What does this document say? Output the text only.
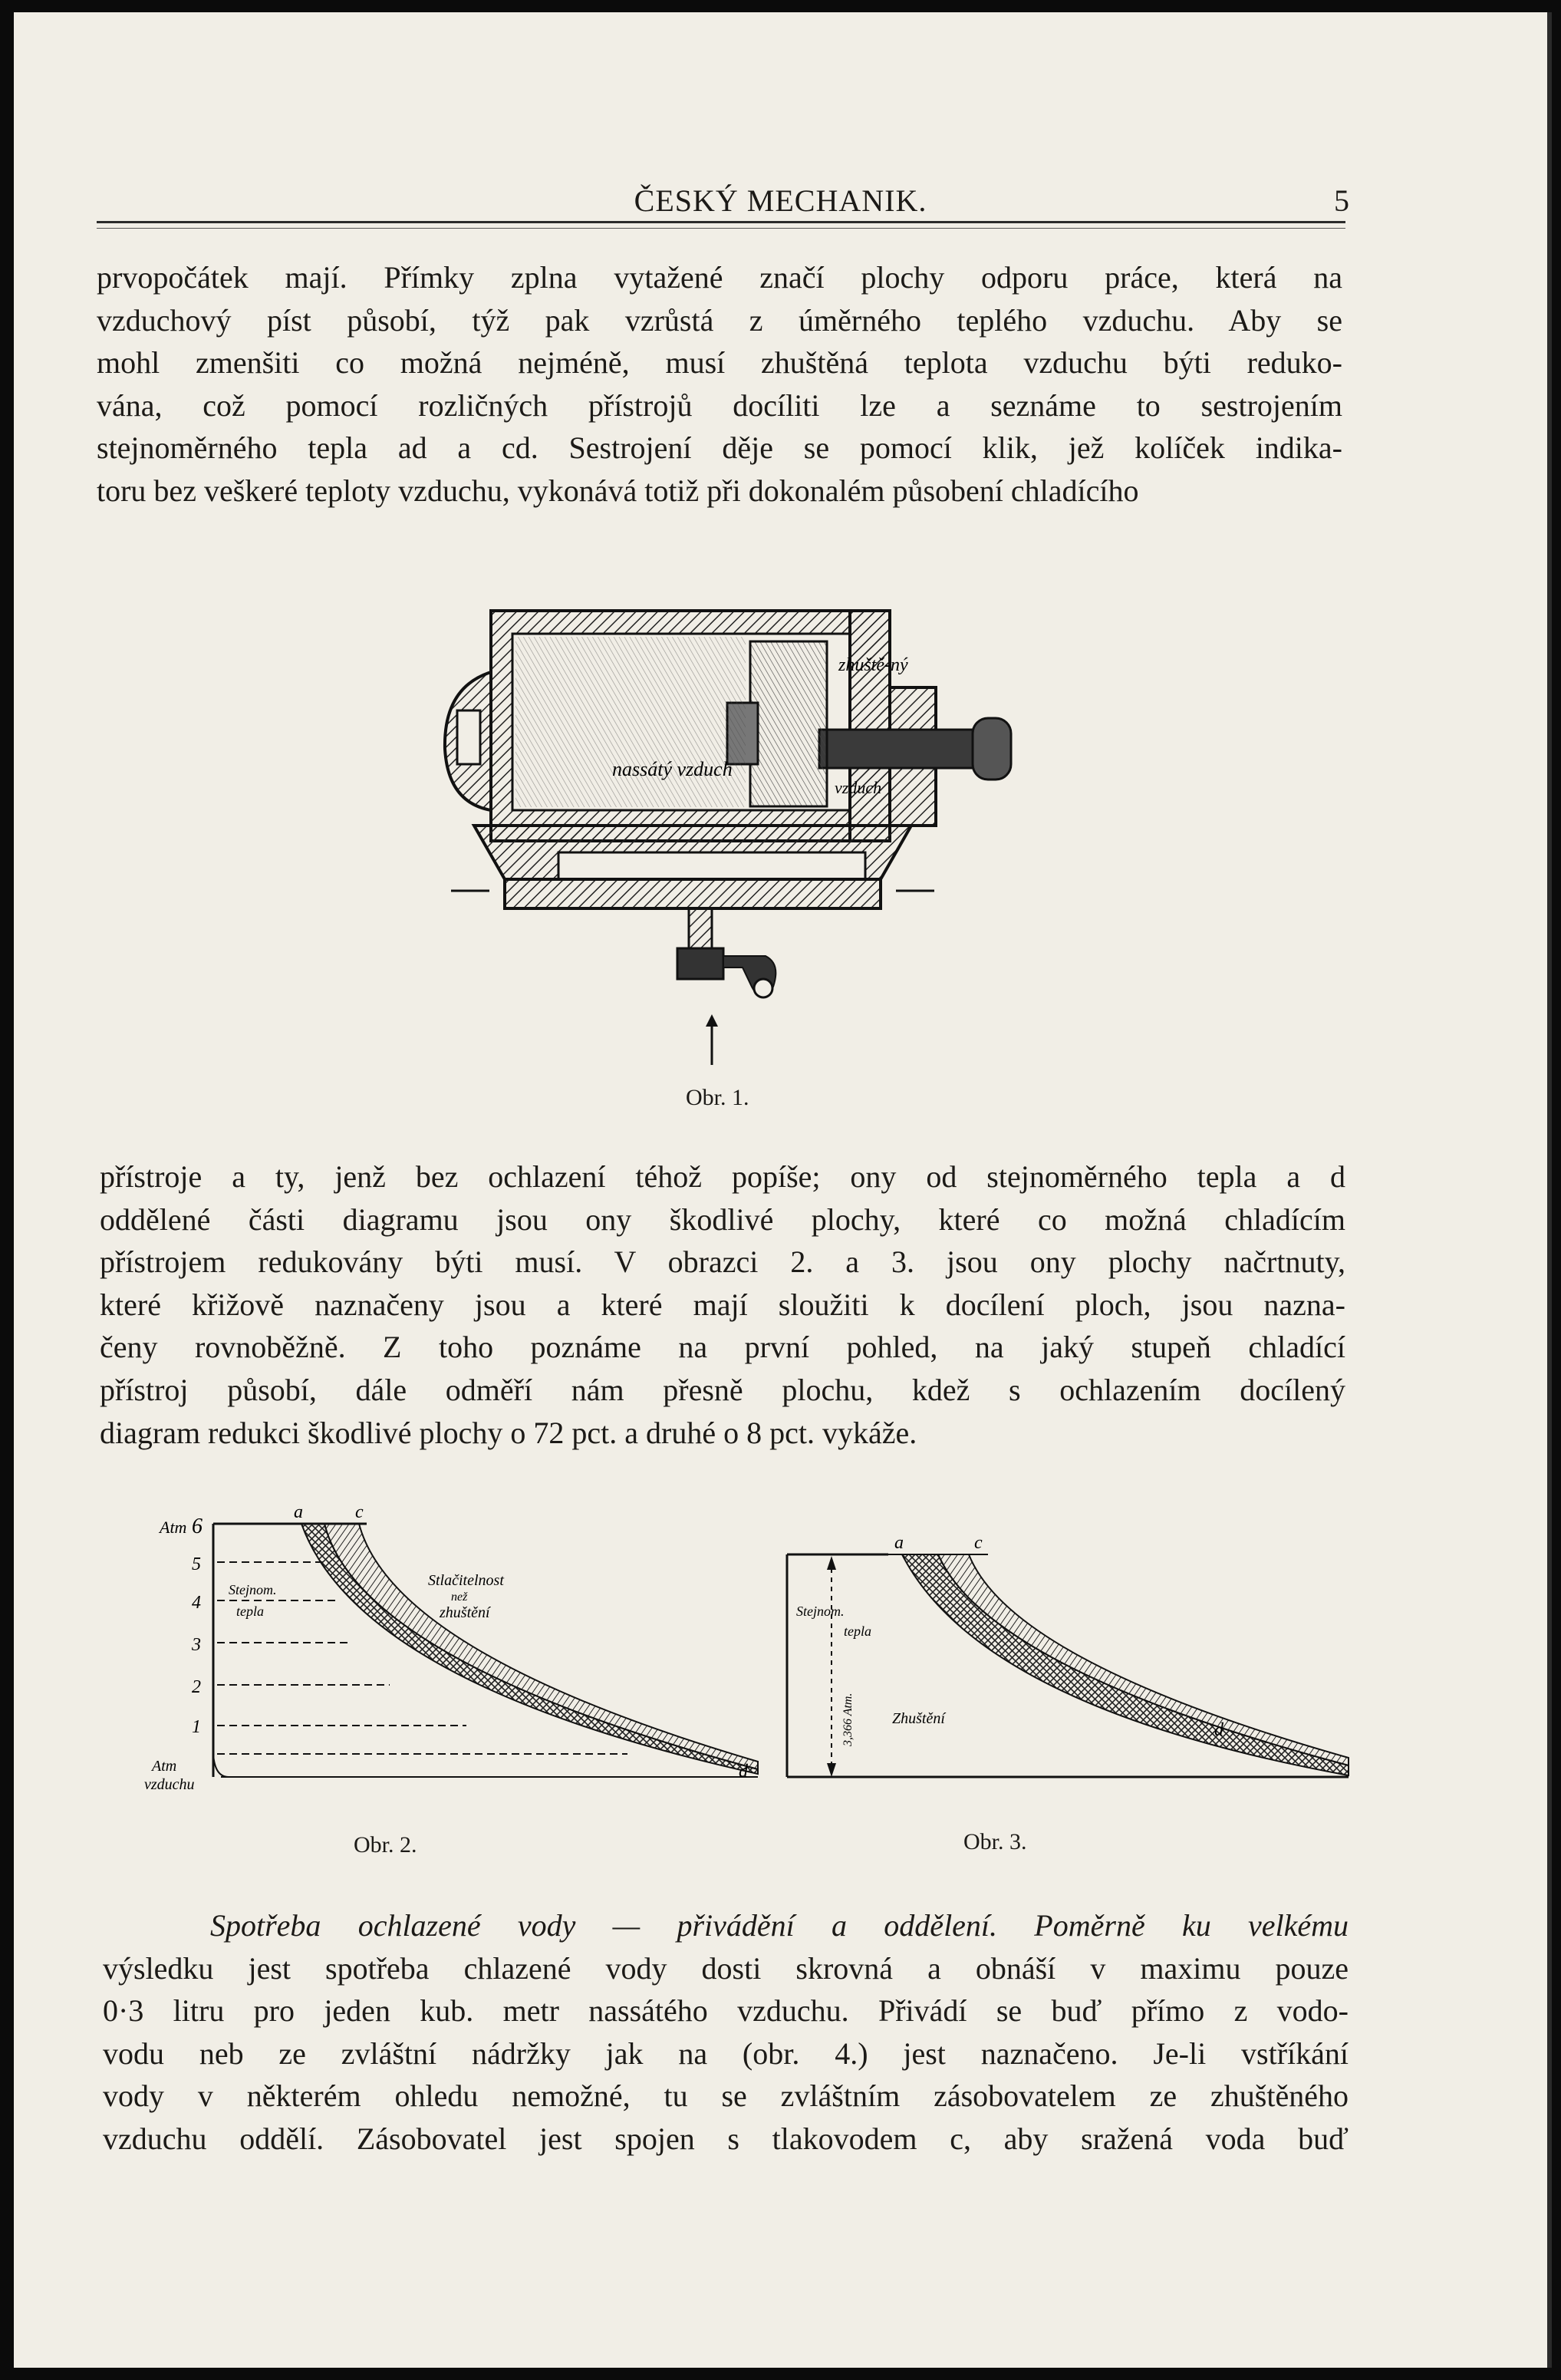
ČESKÝ MECHANIK.	5
prvopočátek mají. Přímky zplna vytažené značí plochy odporu práce, která na
vzduchový píst působí, týž pak vzrůstá z úměrného teplého vzduchu. Aby se
mohl zmenšiti co možná nejméně, musí zhuštěná teplota vzduchu býti reduko-
vána, což pomocí rozličných přístrojů docíliti lze a seznáme to sestrojením
stejnoměrného tepla ad a cd. Sestrojení děje se pomocí klik, jež kolíček indika-
toru bez veškeré teploty vzduchu, vykonává totiž při dokonalém působení chladícího
zhuště-ný
nassátý vzduch
vzduch
Obr. 1.
přístroje a ty, jenž bez ochlazení téhož popíše; ony od stejnoměrného tepla a d
oddělené části diagramu jsou ony škodlivé plochy, které co možná chladícím
přístrojem redukovány býti musí. V obrazci 2. a 3. jsou ony plochy načrtnuty,
které křižově naznačeny jsou a které mají sloužiti k docílení ploch, jsou nazna-
čeny rovnoběžně. Z toho poznáme na první pohled, na jaký stupeň chladící
přístroj působí, dále odměří nám přesně plochu, kdež s ochlazením docílený
diagram redukci škodlivé plochy o 72 pct. a druhé o 8 pct. vykáže.
Atm 6
5
4
3
2
1
Atm
vzduchu
a	c
d
Stejnom.
tepla
Stlačitelnost
než
zhuštění
Obr. 2.
a	c
d
Stejnom.
tepla
3,366 Atm. Zhuštění
Obr. 3.
Spotřeba ochlazené vody — přivádění a oddělení. Poměrně ku velkému
výsledku jest spotřeba chlazené vody dosti skrovná a obnáší v maximu pouze
0·3 litru pro jeden kub. metr nassátého vzduchu. Přivádí se buď přímo z vodo-
vodu neb ze zvláštní nádržky jak na (obr. 4.) jest naznačeno. Je-li vstříkání
vody v některém ohledu nemožné, tu se zvláštním zásobovatelem ze zhuštěného
vzduchu oddělí. Zásobovatel jest spojen s tlakovodem c, aby sražená voda buď
